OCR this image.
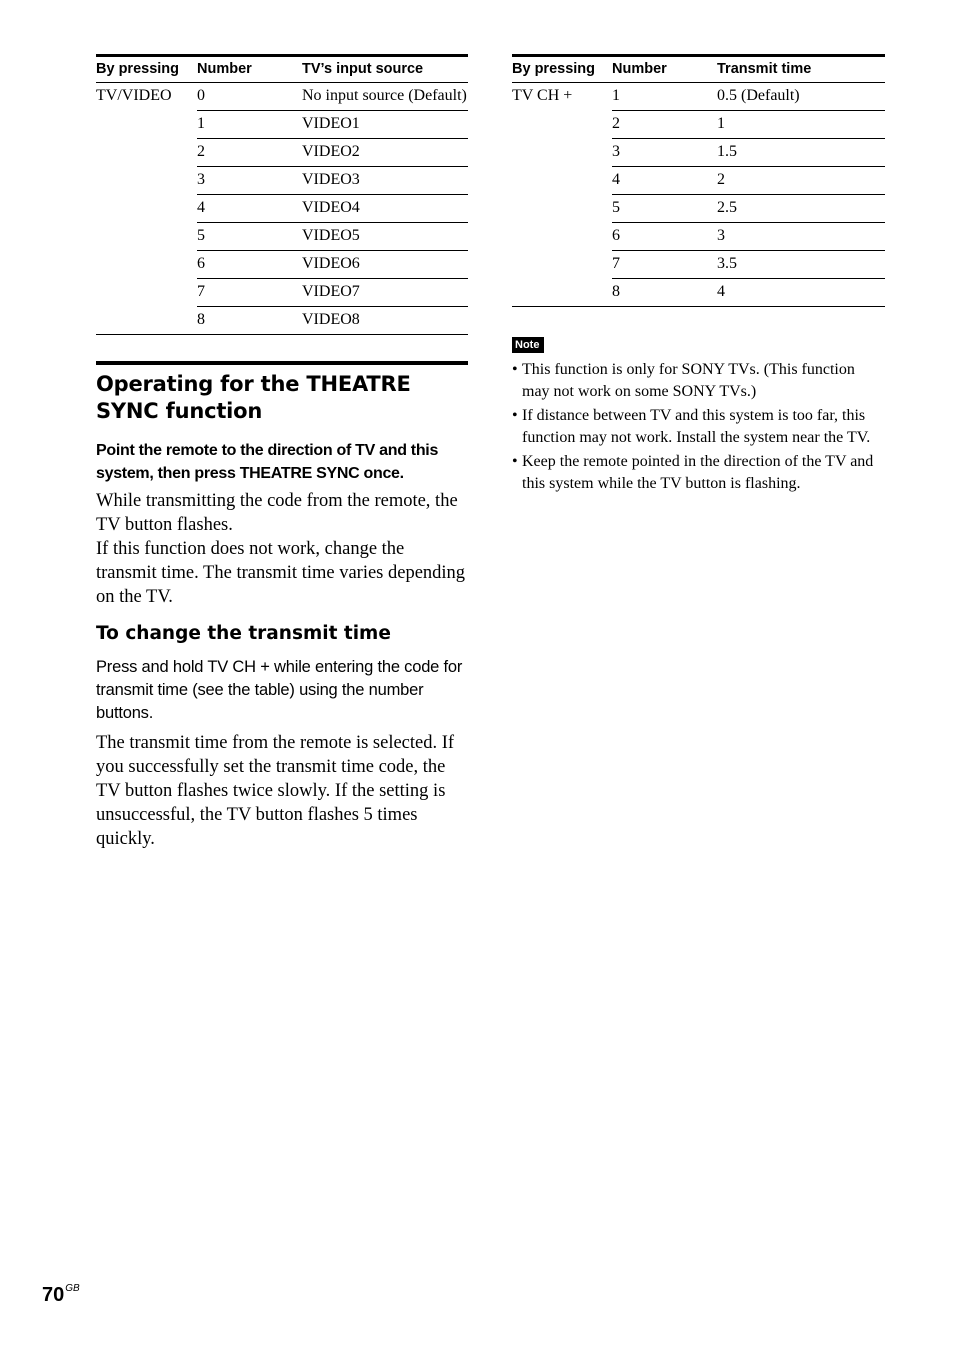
By pressing	Number	TV’s input source
TV/VIDEO	0	No input source (Default)
	1	VIDEO1
	2	VIDEO2
	3	VIDEO3
	4	VIDEO4
	5	VIDEO5
	6	VIDEO6
	7	VIDEO7
	8	VIDEO8
Operating for the THEATRE SYNC function
Point the remote to the direction of TV and this system, then press THEATRE SYNC once.
While transmitting the code from the remote, the TV button flashes.
If this function does not work, change the transmit time. The transmit time varies depending on the TV.
To change the transmit time
Press and hold TV CH + while entering the code for transmit time (see the table) using the number buttons.
The transmit time from the remote is selected. If you successfully set the transmit time code, the TV button flashes twice slowly. If the setting is unsuccessful, the TV button flashes 5 times quickly.
By pressing	Number	Transmit time
TV CH +	1	0.5 (Default)
	2	1
	3	1.5
	4	2
	5	2.5
	6	3
	7	3.5
	8	4
Note
• This function is only for SONY TVs. (This function may not work on some SONY TVs.)
• If distance between TV and this system is too far, this function may not work. Install the system near the TV.
• Keep the remote pointed in the direction of the TV and this system while the TV button is flashing.
$70^{GB}$
